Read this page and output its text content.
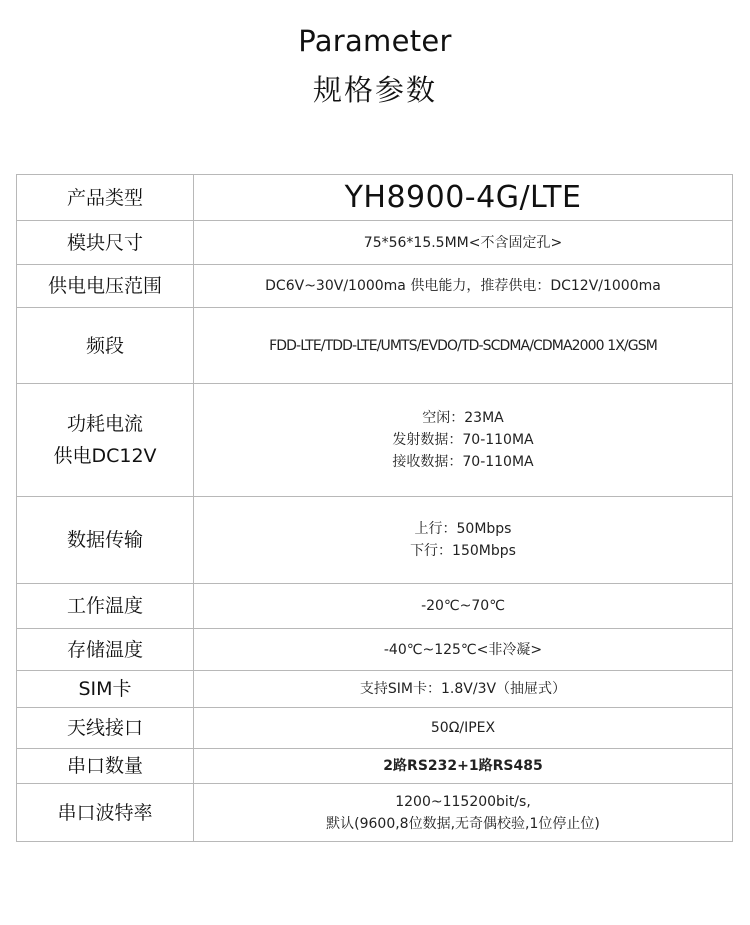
Parameter
规格参数
产品类型	YH8900-4G/LTE

模块尺寸	75*56*15.5MM<不含固定孔>

供电电压范围	DC6V~30V/1000ma 供电能力，推荐供电：DC12V/1000ma

频段	FDD-LTE/TDD-LTE/UMTS/EVDO/TD-SCDMA/CDMA2000 1X/GSM

功耗电流
供电DC12V	空闲：23MA
发射数据：70-110MA
接收数据：70-110MA

数据传输	上行：50Mbps
下行：150Mbps

工作温度	-20℃~70℃

存储温度	-40℃~125℃<非冷凝>

SIM卡	支持SIM卡：1.8V/3V（抽屉式）

天线接口	50Ω/IPEX

串口数量	2路RS232+1路RS485

串口波特率	1200~115200bit/s,
默认(9600,8位数据,无奇偶校验,1位停止位)
